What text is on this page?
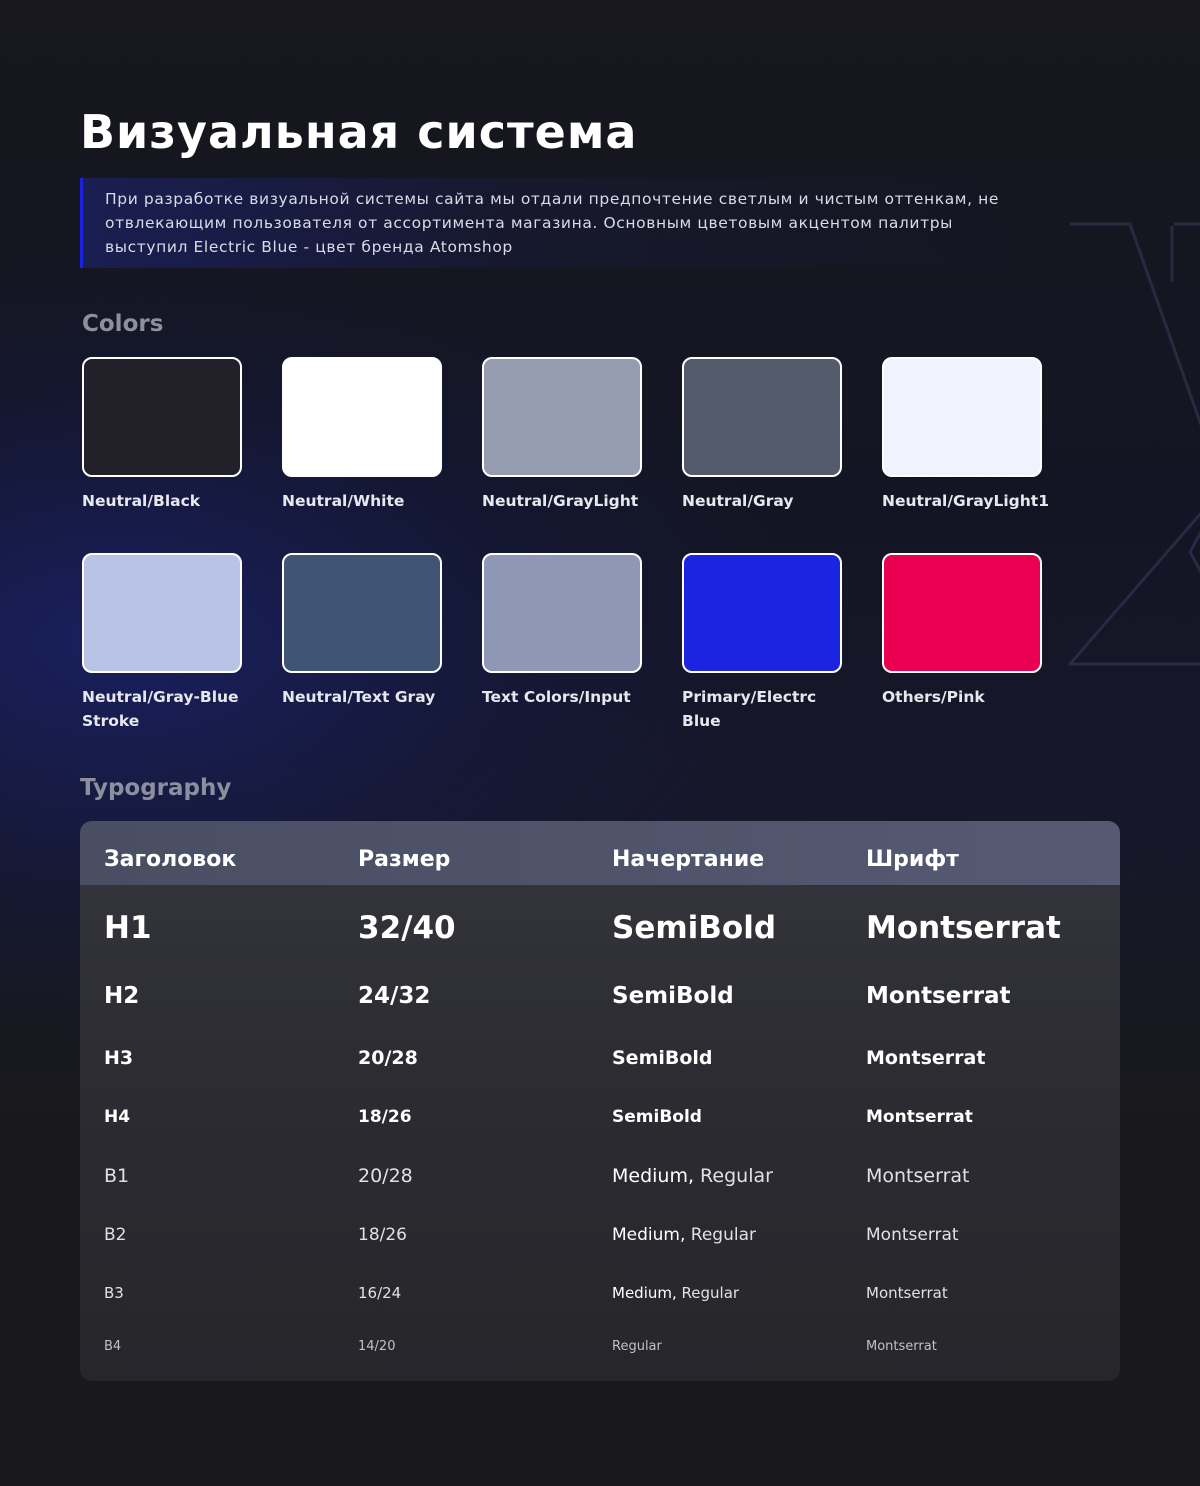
Визуальная система
При разработке визуальной системы сайта мы отдали предпочтение светлым и чистым оттенкам, не отвлекающим пользователя от ассортимента магазина. Основным цветовым акцентом палитры выступил Electric Blue - цвет бренда Atomshop
Colors
Neutral/Black	Neutral/White	Neutral/GrayLight	Neutral/Gray	Neutral/GrayLight1
Neutral/Gray-Blue Stroke
Neutral/Text Gray	Text Colors/Input	Primary/Electrc Blue
Others/Pink
Typography
Заголовок	Размер	Начертание	Шрифт
H1	32/40	SemiBold	Montserrat
H2	24/32	SemiBold	Montserrat
H3	20/28	SemiBold	Montserrat
H4	18/26	SemiBold	Montserrat
B1	20/28	Medium, Regular	Montserrat
B2	18/26	Medium, Regular	Montserrat
B3	16/24	Medium, Regular	Montserrat
B4	14/20	Regular	Montserrat
